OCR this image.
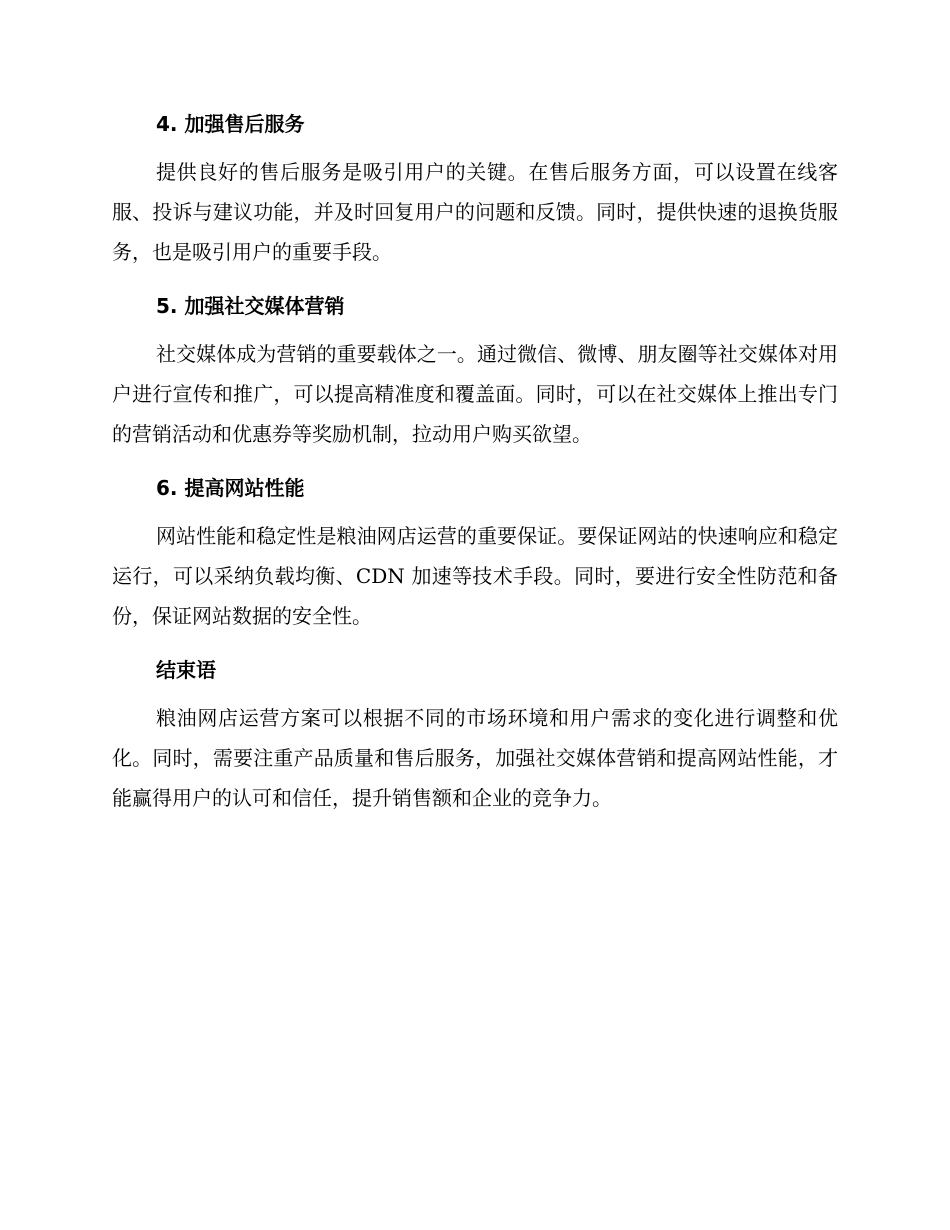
4. 加强售后服务

提供良好的售后服务是吸引用户的关键。在售后服务方面，可以设置在线客服、投诉与建议功能，并及时回复用户的问题和反馈。同时，提供快速的退换货服务，也是吸引用户的重要手段。

5. 加强社交媒体营销

社交媒体成为营销的重要载体之一。通过微信、微博、朋友圈等社交媒体对用户进行宣传和推广，可以提高精准度和覆盖面。同时，可以在社交媒体上推出专门的营销活动和优惠券等奖励机制，拉动用户购买欲望。

6. 提高网站性能

网站性能和稳定性是粮油网店运营的重要保证。要保证网站的快速响应和稳定运行，可以采纳负载均衡、CDN 加速等技术手段。同时，要进行安全性防范和备份，保证网站数据的安全性。

结束语

粮油网店运营方案可以根据不同的市场环境和用户需求的变化进行调整和优化。同时，需要注重产品质量和售后服务，加强社交媒体营销和提高网站性能，才能赢得用户的认可和信任，提升销售额和企业的竞争力。
